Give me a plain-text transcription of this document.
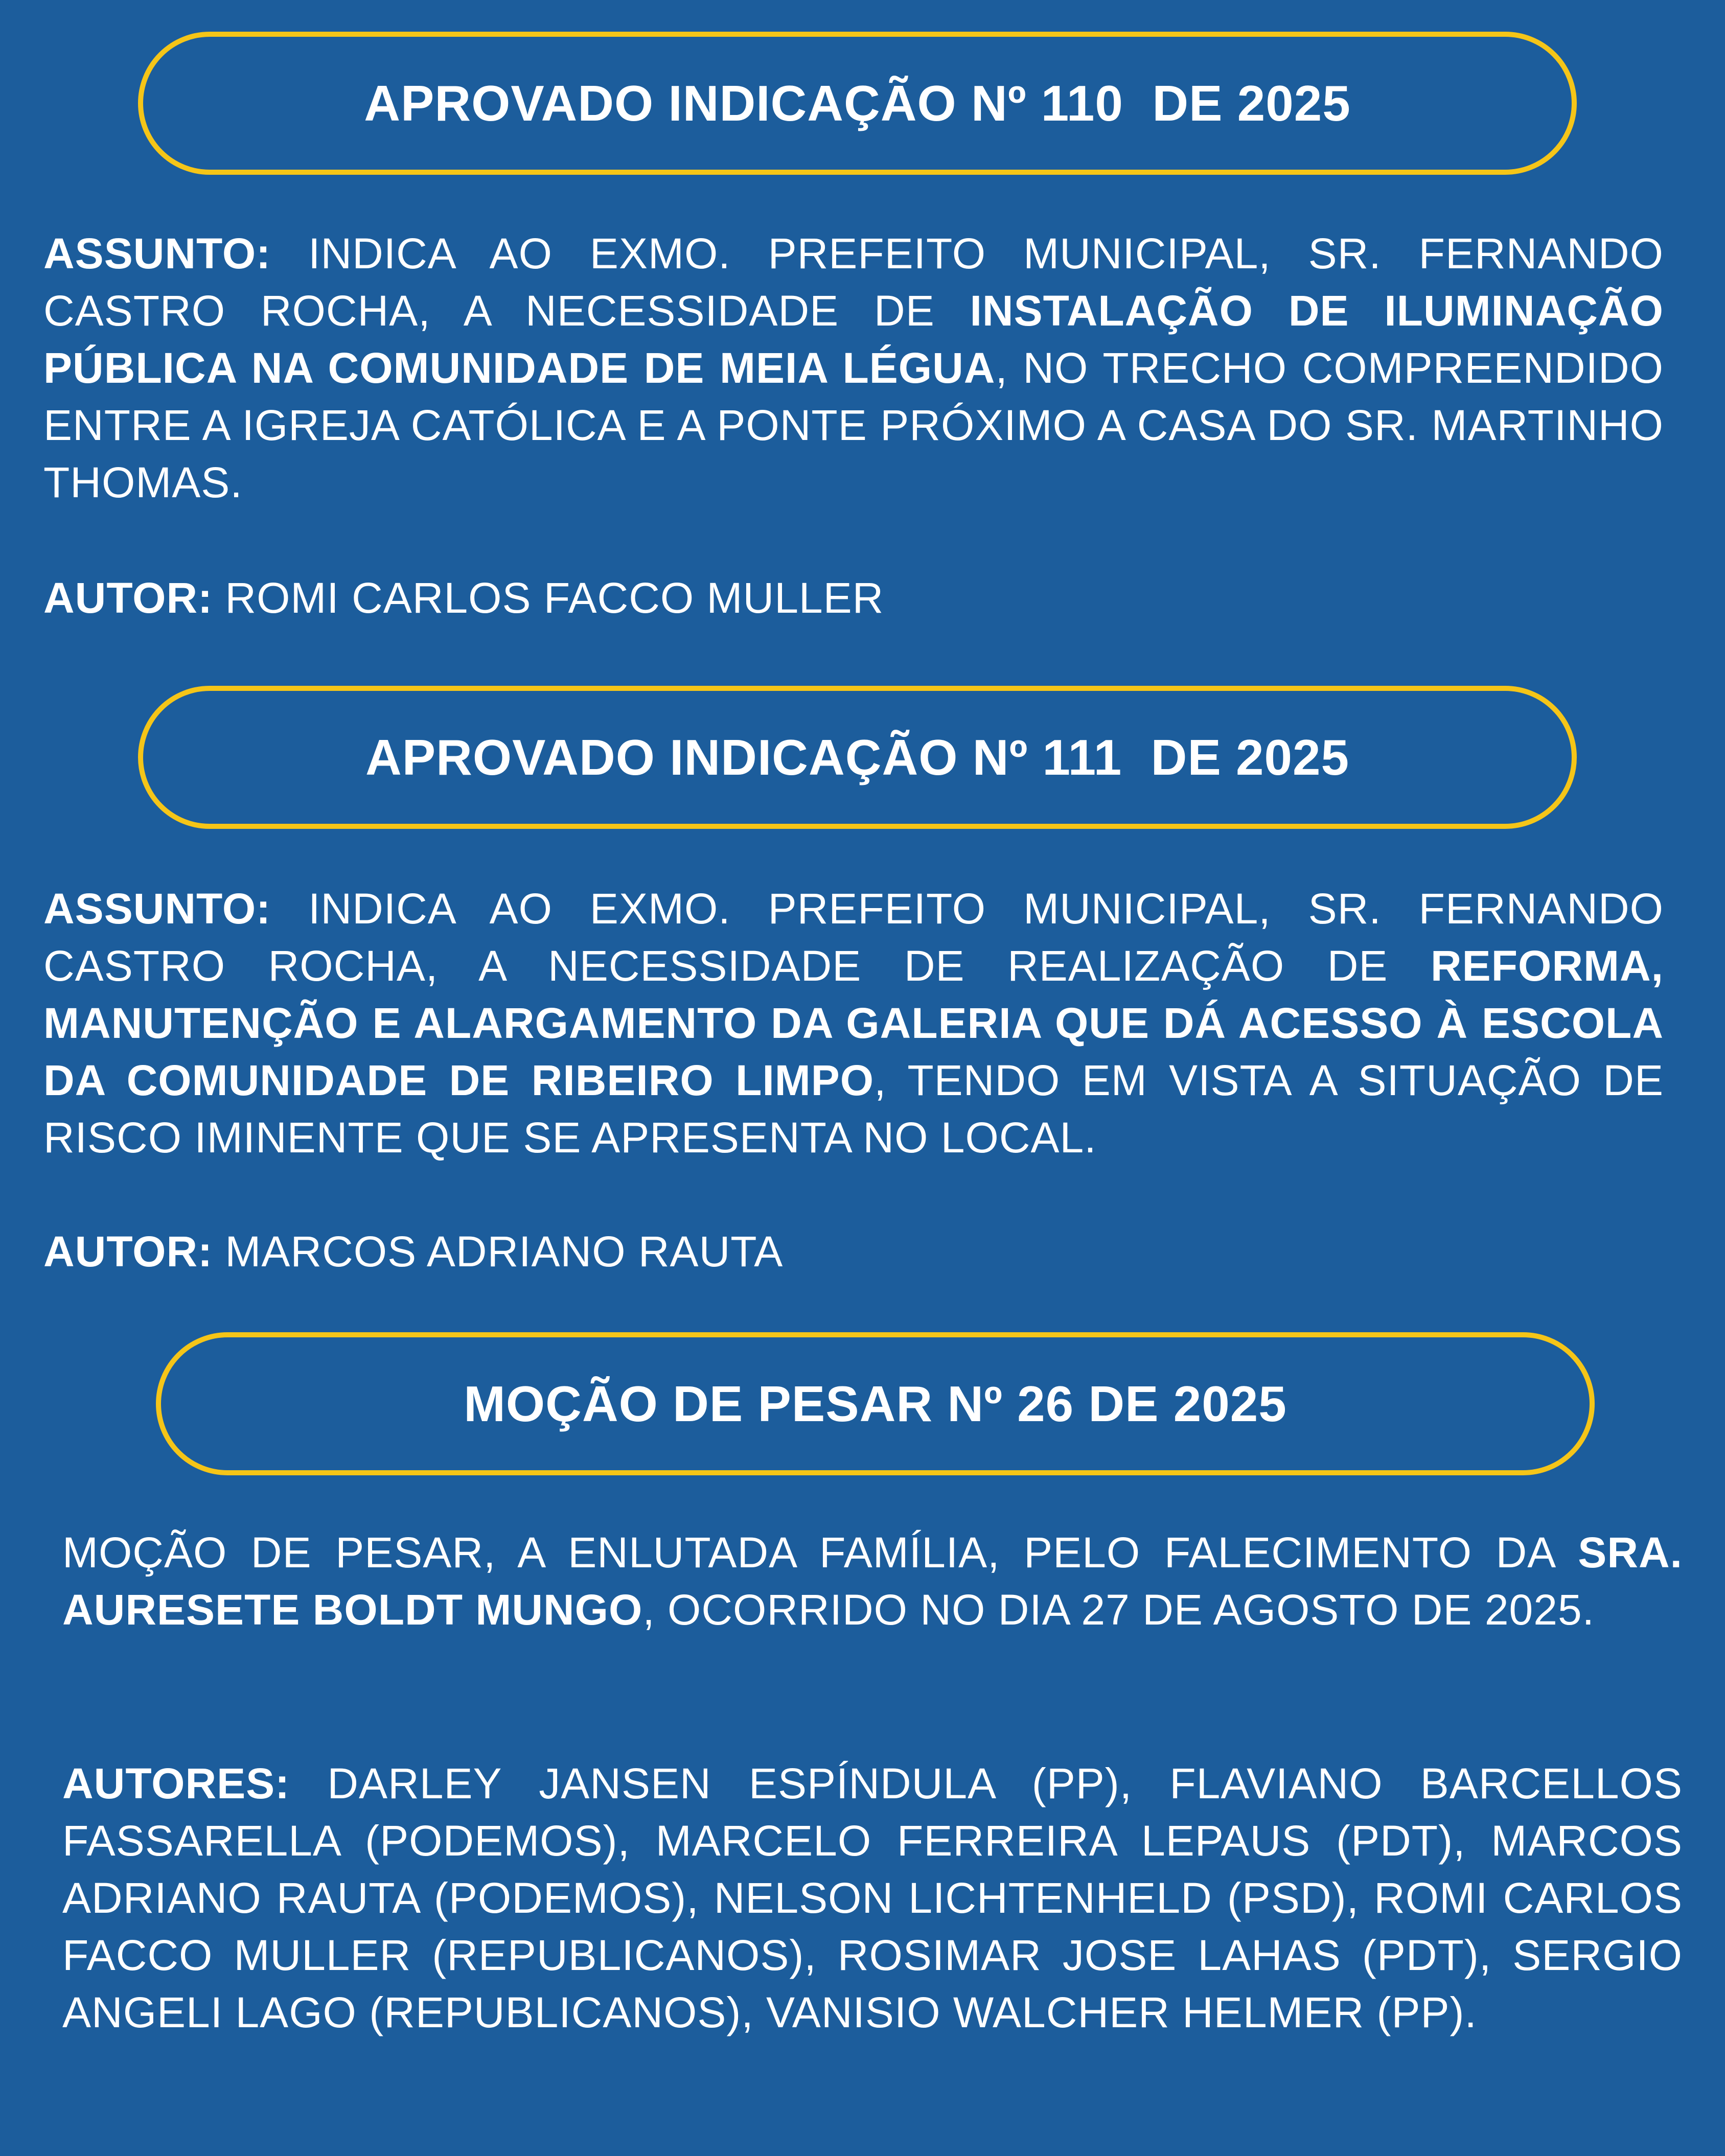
APROVADO INDICAÇÃO Nº 110  DE 2025

ASSUNTO: INDICA AO EXMO. PREFEITO MUNICIPAL, SR. FERNANDO CASTRO ROCHA, A NECESSIDADE DE INSTALAÇÃO DE ILUMINAÇÃO PÚBLICA NA COMUNIDADE DE MEIA LÉGUA, NO TRECHO COMPREENDIDO ENTRE A IGREJA CATÓLICA E A PONTE PRÓXIMO A CASA DO SR. MARTINHO THOMAS.

AUTOR: ROMI CARLOS FACCO MULLER
APROVADO INDICAÇÃO Nº 111  DE 2025

ASSUNTO: INDICA AO EXMO. PREFEITO MUNICIPAL, SR. FERNANDO CASTRO ROCHA, A NECESSIDADE DE REALIZAÇÃO DE REFORMA, MANUTENÇÃO E ALARGAMENTO DA GALERIA QUE DÁ ACESSO À ESCOLA DA COMUNIDADE DE RIBEIRO LIMPO, TENDO EM VISTA A SITUAÇÃO DE RISCO IMINENTE QUE SE APRESENTA NO LOCAL.

AUTOR: MARCOS ADRIANO RAUTA
MOÇÃO DE PESAR Nº 26 DE 2025

MOÇÃO DE PESAR, A ENLUTADA FAMÍLIA, PELO FALECIMENTO DA SRA. AURESETE BOLDT MUNGO, OCORRIDO NO DIA 27 DE AGOSTO DE 2025.

AUTORES: DARLEY JANSEN ESPÍNDULA (PP), FLAVIANO BARCELLOS FASSARELLA (PODEMOS), MARCELO FERREIRA LEPAUS (PDT), MARCOS ADRIANO RAUTA (PODEMOS), NELSON LICHTENHELD (PSD), ROMI CARLOS FACCO MULLER (REPUBLICANOS), ROSIMAR JOSE LAHAS (PDT), SERGIO ANGELI LAGO (REPUBLICANOS), VANISIO WALCHER HELMER (PP).
